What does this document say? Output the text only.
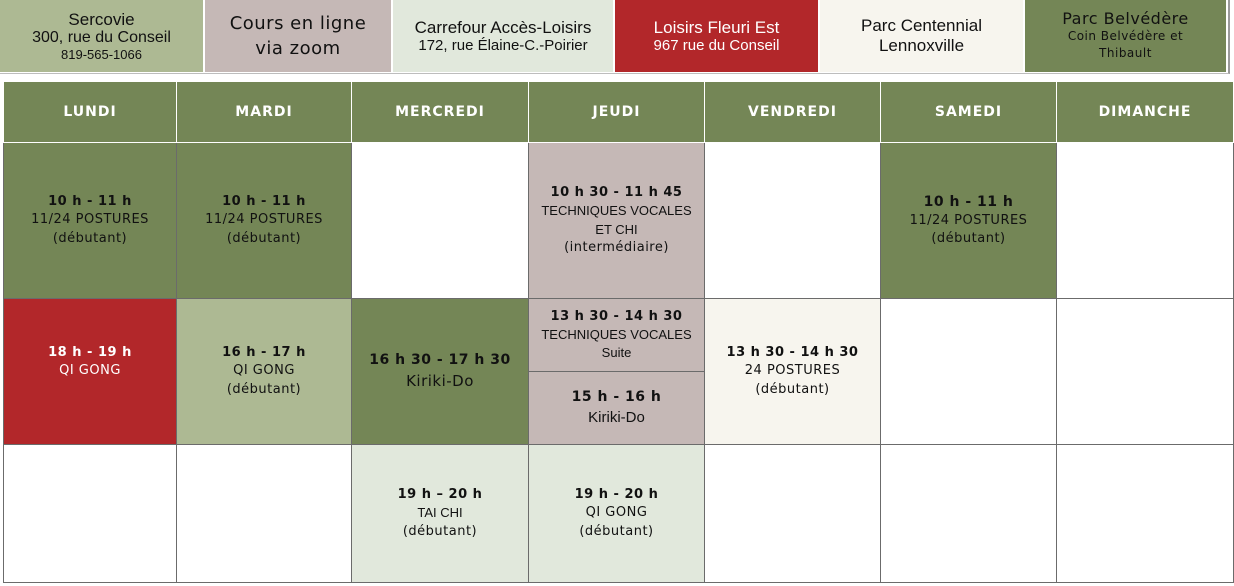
Sercovie
300, rue du Conseil
819-565-1066
Cours en ligne
via zoom
Carrefour Accès-Loisirs
172, rue Élaine-C.-Poirier
Loisirs Fleuri Est
967 rue du Conseil
Parc Centennial
Lennoxville
Parc Belvédère
Coin Belvédère et
Thibault
LUNDI	MARDI	MERCREDI	JEUDI	VENDREDI	SAMEDI	DIMANCHE

10 h - 11 h
11/24 POSTURES
(débutant)	10 h - 11 h
11/24 POSTURES
(débutant)		10 h 30 - 11 h 45
TECHNIQUES VOCALES
ET CHI
(intermédiaire)		10 h - 11 h
11/24 POSTURES
(débutant)	

18 h - 19 h
QI GONG	16 h - 17 h
QI GONG
(débutant)	16 h 30 - 17 h 30
Kiriki-Do	13 h 30 - 14 h 30
TECHNIQUES VOCALES
Suite	13 h 30 - 14 h 30
24 POSTURES
(débutant)		

			15 h - 16 h
Kiriki-Do			

		19 h – 20 h
TAI CHI
(débutant)	19 h - 20 h
QI GONG
(débutant)			
